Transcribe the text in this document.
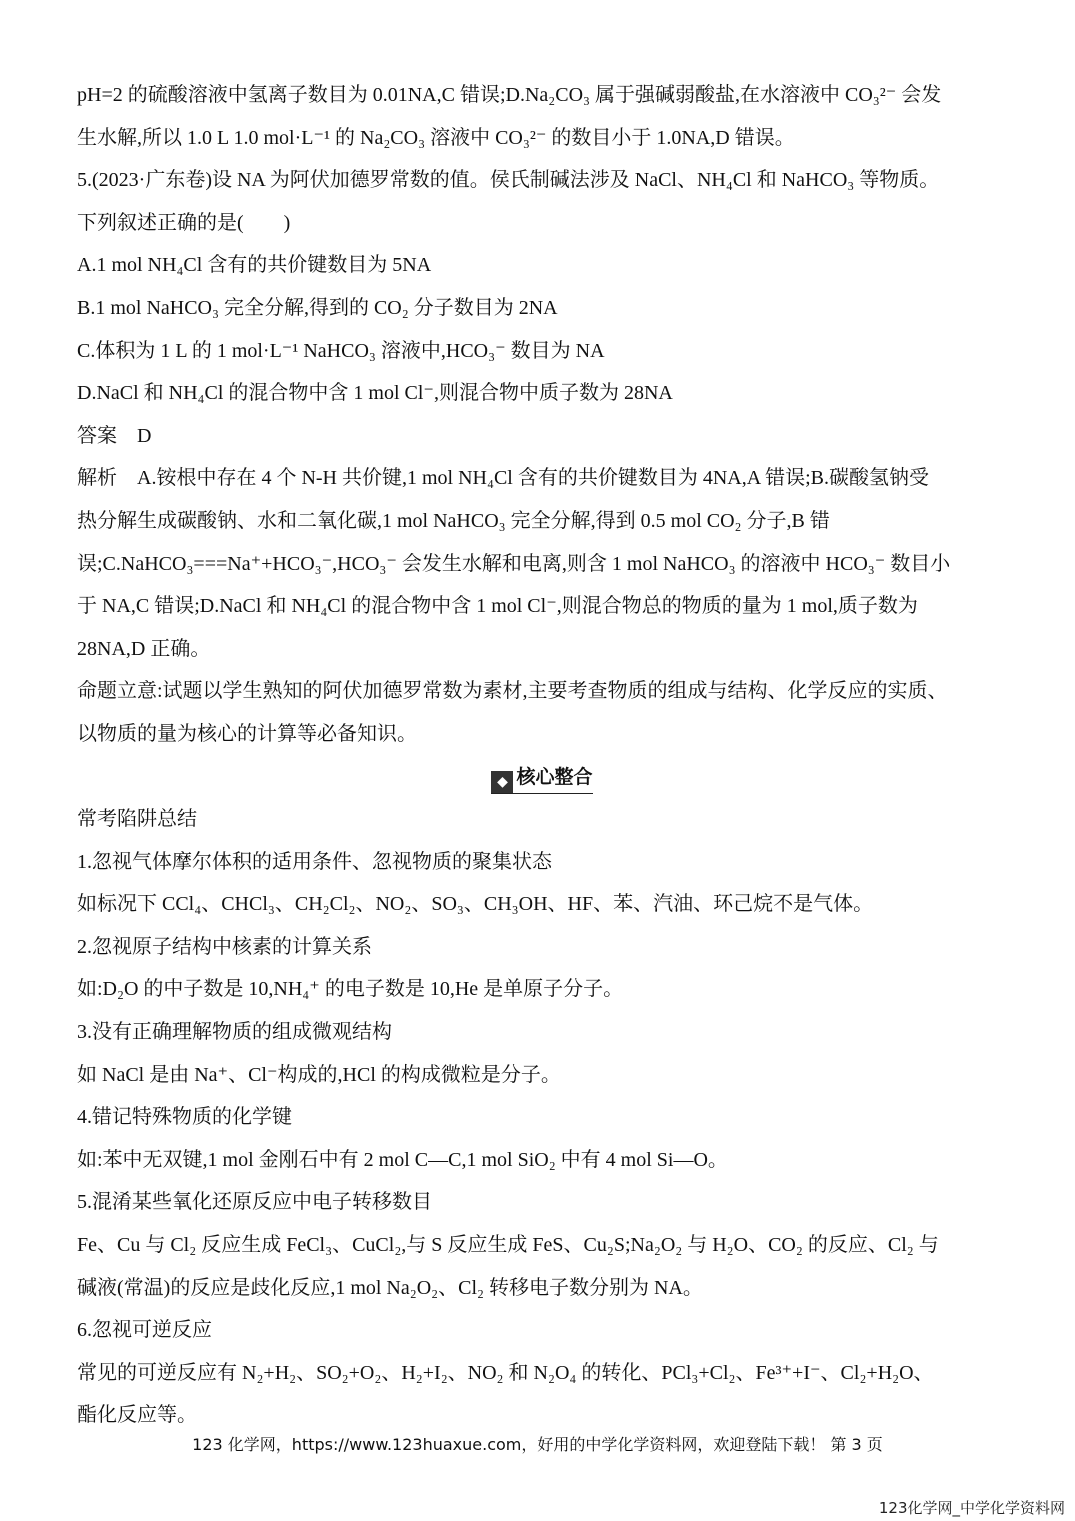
pH=2 的硫酸溶液中氢离子数目为 0.01NA,C 错误;D.Na₂CO₃ 属于强碱弱酸盐,在水溶液中 CO₃²⁻ 会发
生水解,所以 1.0 L 1.0 mol·L⁻¹ 的 Na₂CO₃ 溶液中 CO₃²⁻ 的数目小于 1.0NA,D 错误。
5.(2023·广东卷)设 NA 为阿伏加德罗常数的值。侯氏制碱法涉及 NaCl、NH₄Cl 和 NaHCO₃ 等物质。
下列叙述正确的是(　　)
A.1 mol NH₄Cl 含有的共价键数目为 5NA
B.1 mol NaHCO₃ 完全分解,得到的 CO₂ 分子数目为 2NA
C.体积为 1 L 的 1 mol·L⁻¹ NaHCO₃ 溶液中,HCO₃⁻ 数目为 NA
D.NaCl 和 NH₄Cl 的混合物中含 1 mol Cl⁻,则混合物中质子数为 28NA
答案　D
解析　A.铵根中存在 4 个 N-H 共价键,1 mol NH₄Cl 含有的共价键数目为 4NA,A 错误;B.碳酸氢钠受
热分解生成碳酸钠、水和二氧化碳,1 mol NaHCO₃ 完全分解,得到 0.5 mol CO₂ 分子,B 错
误;C.NaHCO₃===Na⁺+HCO₃⁻,HCO₃⁻ 会发生水解和电离,则含 1 mol NaHCO₃ 的溶液中 HCO₃⁻ 数目小
于 NA,C 错误;D.NaCl 和 NH₄Cl 的混合物中含 1 mol Cl⁻,则混合物总的物质的量为 1 mol,质子数为
28NA,D 正确。
命题立意:试题以学生熟知的阿伏加德罗常数为素材,主要考查物质的组成与结构、化学反应的实质、
以物质的量为核心的计算等必备知识。
◆ 核心整合
常考陷阱总结
1.忽视气体摩尔体积的适用条件、忽视物质的聚集状态
如标况下 CCl₄、CHCl₃、CH₂Cl₂、NO₂、SO₃、CH₃OH、HF、苯、汽油、环己烷不是气体。
2.忽视原子结构中核素的计算关系
如:D₂O 的中子数是 10,NH₄⁺ 的电子数是 10,He 是单原子分子。
3.没有正确理解物质的组成微观结构
如 NaCl 是由 Na⁺、Cl⁻构成的,HCl 的构成微粒是分子。
4.错记特殊物质的化学键
如:苯中无双键,1 mol 金刚石中有 2 mol C—C,1 mol SiO₂ 中有 4 mol Si—O。
5.混淆某些氧化还原反应中电子转移数目
Fe、Cu 与 Cl₂ 反应生成 FeCl₃、CuCl₂,与 S 反应生成 FeS、Cu₂S;Na₂O₂ 与 H₂O、CO₂ 的反应、Cl₂ 与
碱液(常温)的反应是歧化反应,1 mol Na₂O₂、Cl₂ 转移电子数分别为 NA。
6.忽视可逆反应
常见的可逆反应有 N₂+H₂、SO₂+O₂、H₂+I₂、NO₂ 和 N₂O₄ 的转化、PCl₃+Cl₂、Fe³⁺+I⁻、Cl₂+H₂O、
酯化反应等。
123 化学网，https://www.123huaxue.com，好用的中学化学资料网，欢迎登陆下载！ 第 3 页
123化学网_中学化学资料网
